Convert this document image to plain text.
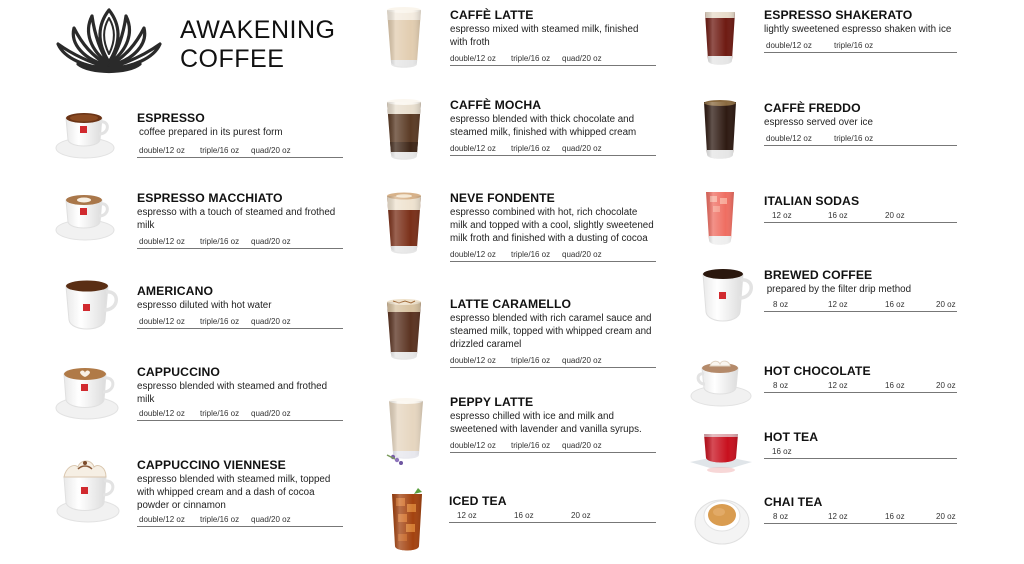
AWAKENING
COFFEE
ESPRESSO
coffee prepared in its purest form
double/12 oz triple/16 oz quad/20 oz
ESPRESSO MACCHIATO
espresso with a touch of steamed and frothed milk
double/12 oz triple/16 oz quad/20 oz
AMERICANO
espresso diluted with hot water
double/12 oz triple/16 oz quad/20 oz
CAPPUCCINO
espresso blended with steamed and frothed milk
double/12 oz triple/16 oz quad/20 oz
CAPPUCCINO VIENNESE
espresso blended with steamed milk, topped with whipped cream and a dash of cocoa powder or cinnamon
double/12 oz triple/16 oz quad/20 oz
CAFFÈ LATTE
espresso mixed with steamed milk, finished with froth
double/12 oz triple/16 oz quad/20 oz
CAFFÈ MOCHA
espresso blended with thick chocolate and steamed milk, finished with whipped cream
double/12 oz triple/16 oz quad/20 oz
NEVE FONDENTE
espresso combined with hot, rich chocolate milk and topped with a cool, slightly sweetened milk froth and finished with a dusting of cocoa
double/12 oz triple/16 oz quad/20 oz
LATTE CARAMELLO
espresso blended with rich caramel sauce and steamed milk, topped with whipped cream and drizzled caramel
double/12 oz triple/16 oz quad/20 oz
PEPPY LATTE
espresso chilled with ice and milk and sweetened with lavender and vanilla syrups.
double/12 oz triple/16 oz quad/20 oz
ICED TEA
12 oz	16 oz	20 oz
ESPRESSO SHAKERATO
lightly sweetened espresso shaken with ice
double/12 oz	triple/16 oz
CAFFÈ FREDDO
espresso served over ice
double/12 oz	triple/16 oz
ITALIAN SODAS
12 oz	16 oz	20 oz
BREWED COFFEE
prepared by the filter drip method
8 oz	12 oz	16 oz	20 oz
HOT CHOCOLATE
8 oz	12 oz	16 oz	20 oz
HOT TEA
16 oz
CHAI TEA
8 oz	12 oz	16 oz	20 oz
